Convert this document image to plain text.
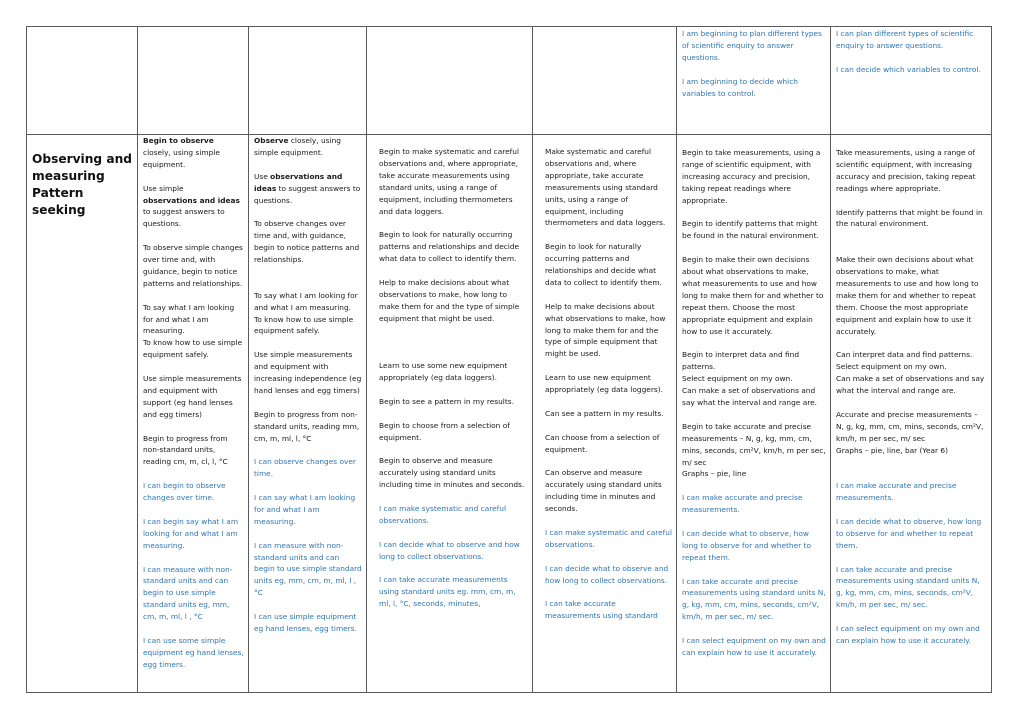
I am beginning to plan different types of scientific enquiry to answer questions.

I am beginning to decide which variables to control.

I can plan different types of scientific enquiry to answer questions.

I can decide which variables to control.

Observing and
measuring
Pattern seeking

Begin to observe
closely, using simple equipment.

Use simple
observations and ideas to suggest answers to questions.

To observe simple changes over time and, with guidance, begin to notice patterns and relationships.

To say what I am looking for and what I am measuring.

To know how to use simple equipment safely.

Use simple measurements and equipment with support (eg hand lenses and egg timers)

Begin to progress from non-standard units, reading cm, m, cl, l, °C

I can begin to observe changes over time.

I can begin say what I am looking for and what I am measuring.

I can measure with non-standard units and can begin to use simple standard units eg, mm, cm, m, ml, l , °C

I can use some simple equipment eg hand lenses, egg timers.

Observe closely, using simple equipment.

Use observations and ideas to suggest answers to questions.

To observe changes over time and, with guidance, begin to notice patterns and relationships.

To say what I am looking for and what I am measuring.

To know how to use simple equipment safely.

Use simple measurements and equipment with increasing independence (eg hand lenses and egg timers)

Begin to progress from non-standard units, reading mm, cm, m, ml, l, °C

I can observe changes over time.

I can say what I am looking for and what I am measuring.

I can measure with non-standard units and can begin to use simple standard units eg, mm, cm, m, ml, l , °C

I can use simple equipment eg hand lenses, egg timers.

Begin to make systematic and careful observations and, where appropriate, take accurate measurements using standard units, using a range of equipment, including thermometers and data loggers.

Begin to look for naturally occurring patterns and relationships and decide what data to collect to identify them.

Help to make decisions about what observations to make, how long to make them for and the type of simple equipment that might be used.

Learn to use some new equipment appropriately (eg data loggers).

Begin to see a pattern in my results.

Begin to choose from a selection of equipment.

Begin to observe and measure accurately using standard units including time in minutes and seconds.

I can make systematic and careful observations.

I can decide what to observe and how long to collect observations.

I can take accurate measurements using standard units eg. mm, cm, m, ml, l, °C, seconds, minutes,

Make systematic and careful observations and, where appropriate, take accurate measurements using standard units, using a range of equipment, including thermometers and data loggers.

Begin to look for naturally occurring patterns and relationships and decide what data to collect to identify them.

Help to make decisions about what observations to make, how long to make them for and the type of simple equipment that might be used.

Learn to use new equipment appropriately (eg data loggers).

Can see a pattern in my results.

Can choose from a selection of equipment.

Can observe and measure accurately using standard units including time in minutes and seconds.

I can make systematic and careful observations.

I can decide what to observe and how long to collect observations.

I can take accurate measurements using standard

Begin to take measurements, using a range of scientific equipment, with increasing accuracy and precision, taking repeat readings where appropriate.

Begin to identify patterns that might be found in the natural environment.

Begin to make their own decisions about what observations to make, what measurements to use and how long to make them for and whether to repeat them. Choose the most appropriate equipment and explain how to use it accurately.

Begin to interpret data and find patterns.

Select equipment on my own.

Can make a set of observations and say what the interval and range are.

Begin to take accurate and precise measurements – N, g, kg, mm, cm, mins, seconds, cm²V, km/h, m per sec, m/ sec

Graphs – pie, line

I can make accurate and precise measurements.

I can decide what to observe, how long to observe for and whether to repeat them.

I can take accurate and precise measurements using standard units N, g, kg, mm, cm, mins, seconds, cm²V, km/h, m per sec, m/ sec.

I can select equipment on my own and can explain how to use it accurately.

Take measurements, using a range of scientific equipment, with increasing accuracy and precision, taking repeat readings where appropriate.

Identify patterns that might be found in the natural environment.

Make their own decisions about what observations to make, what measurements to use and how long to make them for and whether to repeat them. Choose the most appropriate equipment and explain how to use it accurately.

Can interpret data and find patterns.

Select equipment on my own.

Can make a set of observations and say what the interval and range are.

Accurate and precise measurements – N, g, kg, mm, cm, mins, seconds, cm²V, km/h, m per sec, m/ sec

Graphs – pie, line, bar (Year 6)

I can make accurate and precise measurements.

I can decide what to observe, how long to observe for and whether to repeat them.

I can take accurate and precise measurements using standard units N, g, kg, mm, cm, mins, seconds, cm²V, km/h, m per sec, m/ sec.

I can select equipment on my own and can explain how to use it accurately.
